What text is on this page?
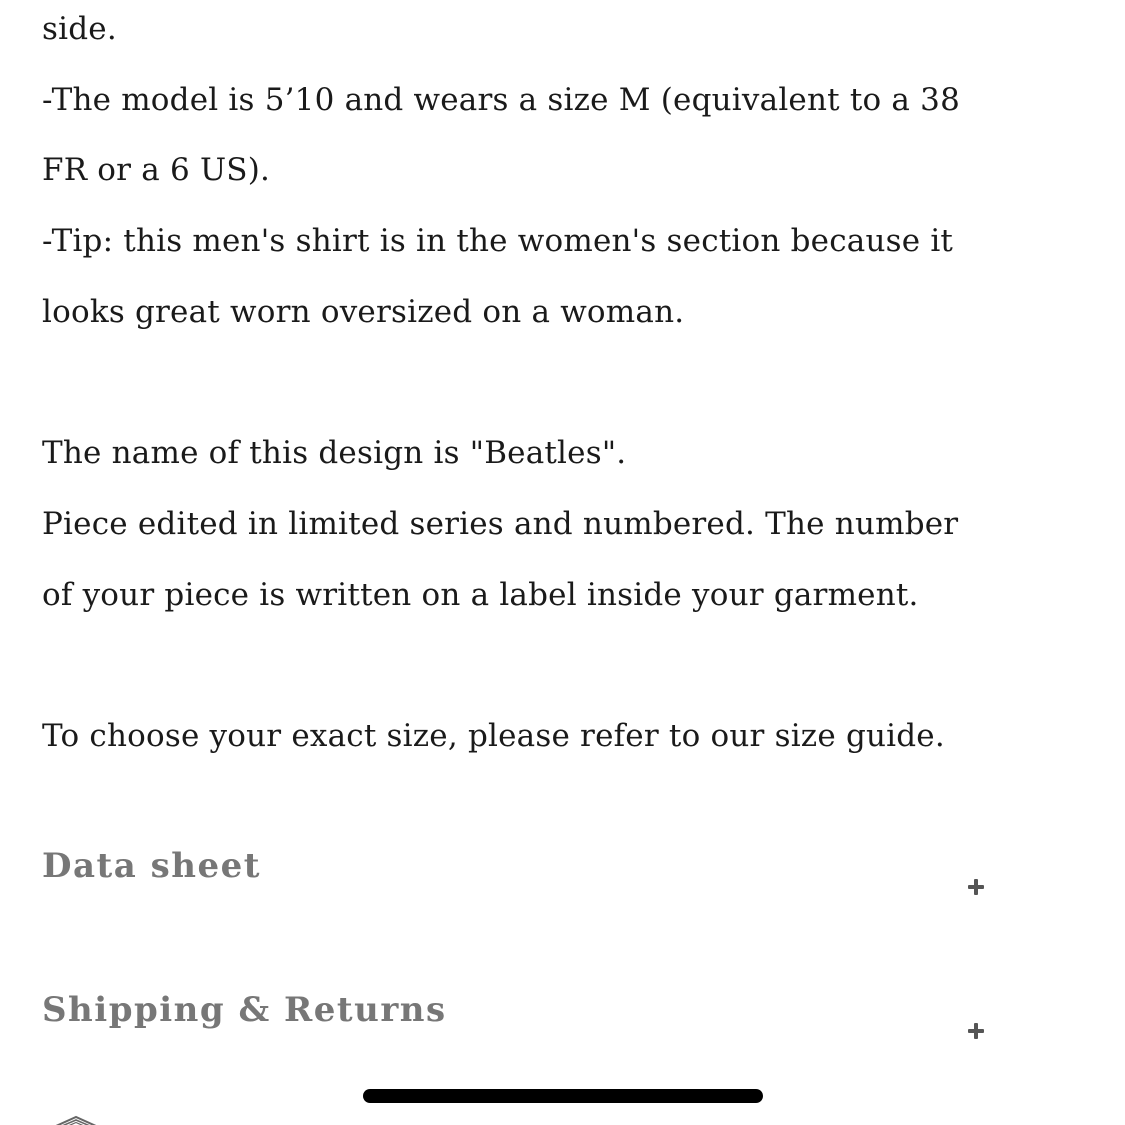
side.
-The model is 5’10 and wears a size M (equivalent to a 38
FR or a 6 US).
-Tip: this men's shirt is in the women's section because it
looks great worn oversized on a woman.
The name of this design is "Beatles".
Piece edited in limited series and numbered. The number
of your piece is written on a label inside your garment.
To choose your exact size, please refer to our size guide.
Data sheet
Shipping & Returns
